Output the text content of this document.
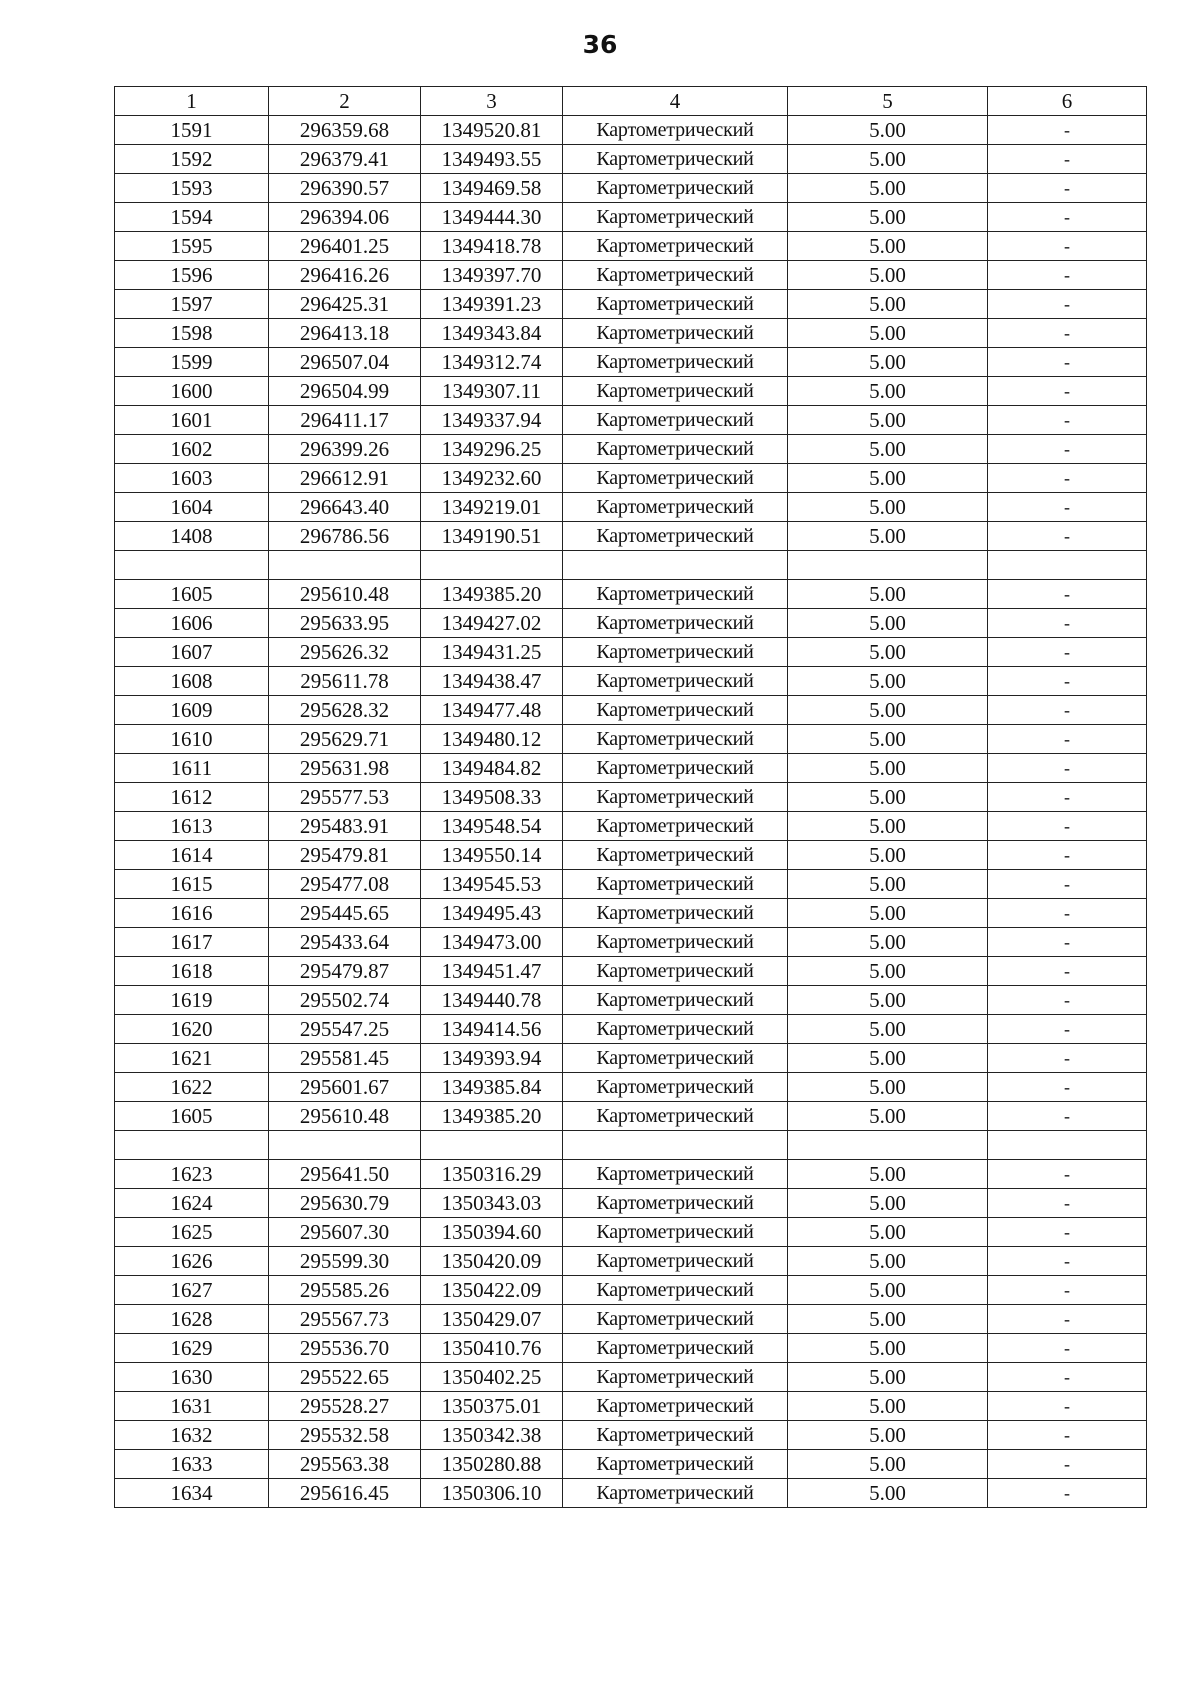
36
1	2	3	4	5	6
1591	296359.68	1349520.81	Картометрический	5.00	-
1592	296379.41	1349493.55	Картометрический	5.00	-
1593	296390.57	1349469.58	Картометрический	5.00	-
1594	296394.06	1349444.30	Картометрический	5.00	-
1595	296401.25	1349418.78	Картометрический	5.00	-
1596	296416.26	1349397.70	Картометрический	5.00	-
1597	296425.31	1349391.23	Картометрический	5.00	-
1598	296413.18	1349343.84	Картометрический	5.00	-
1599	296507.04	1349312.74	Картометрический	5.00	-
1600	296504.99	1349307.11	Картометрический	5.00	-
1601	296411.17	1349337.94	Картометрический	5.00	-
1602	296399.26	1349296.25	Картометрический	5.00	-
1603	296612.91	1349232.60	Картометрический	5.00	-
1604	296643.40	1349219.01	Картометрический	5.00	-
1408	296786.56	1349190.51	Картометрический	5.00	-

1605	295610.48	1349385.20	Картометрический	5.00	-
1606	295633.95	1349427.02	Картометрический	5.00	-
1607	295626.32	1349431.25	Картометрический	5.00	-
1608	295611.78	1349438.47	Картометрический	5.00	-
1609	295628.32	1349477.48	Картометрический	5.00	-
1610	295629.71	1349480.12	Картометрический	5.00	-
1611	295631.98	1349484.82	Картометрический	5.00	-
1612	295577.53	1349508.33	Картометрический	5.00	-
1613	295483.91	1349548.54	Картометрический	5.00	-
1614	295479.81	1349550.14	Картометрический	5.00	-
1615	295477.08	1349545.53	Картометрический	5.00	-
1616	295445.65	1349495.43	Картометрический	5.00	-
1617	295433.64	1349473.00	Картометрический	5.00	-
1618	295479.87	1349451.47	Картометрический	5.00	-
1619	295502.74	1349440.78	Картометрический	5.00	-
1620	295547.25	1349414.56	Картометрический	5.00	-
1621	295581.45	1349393.94	Картометрический	5.00	-
1622	295601.67	1349385.84	Картометрический	5.00	-
1605	295610.48	1349385.20	Картометрический	5.00	-

1623	295641.50	1350316.29	Картометрический	5.00	-
1624	295630.79	1350343.03	Картометрический	5.00	-
1625	295607.30	1350394.60	Картометрический	5.00	-
1626	295599.30	1350420.09	Картометрический	5.00	-
1627	295585.26	1350422.09	Картометрический	5.00	-
1628	295567.73	1350429.07	Картометрический	5.00	-
1629	295536.70	1350410.76	Картометрический	5.00	-
1630	295522.65	1350402.25	Картометрический	5.00	-
1631	295528.27	1350375.01	Картометрический	5.00	-
1632	295532.58	1350342.38	Картометрический	5.00	-
1633	295563.38	1350280.88	Картометрический	5.00	-
1634	295616.45	1350306.10	Картометрический	5.00	-
